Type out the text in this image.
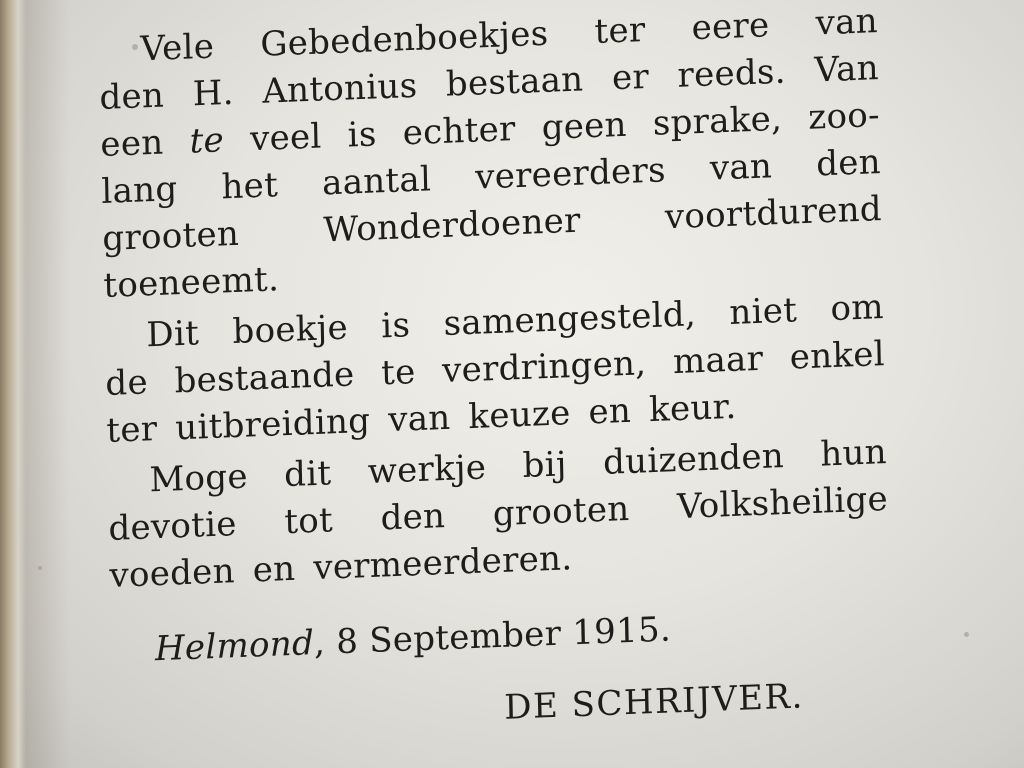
Vele Gebedenboekjes ter eere van
den H. Antonius bestaan er reeds. Van
een te veel is echter geen sprake, zoo-
lang het aantal vereerders van den
grooten Wonderdoener voortdurend
toeneemt.
Dit boekje is samengesteld, niet om
de bestaande te verdringen, maar enkel
ter uitbreiding van keuze en keur.
Moge dit werkje bij duizenden hun
devotie tot den grooten Volksheilige
voeden en vermeerderen.
Helmond, 8 September 1915.
DE SCHRIJVER.
